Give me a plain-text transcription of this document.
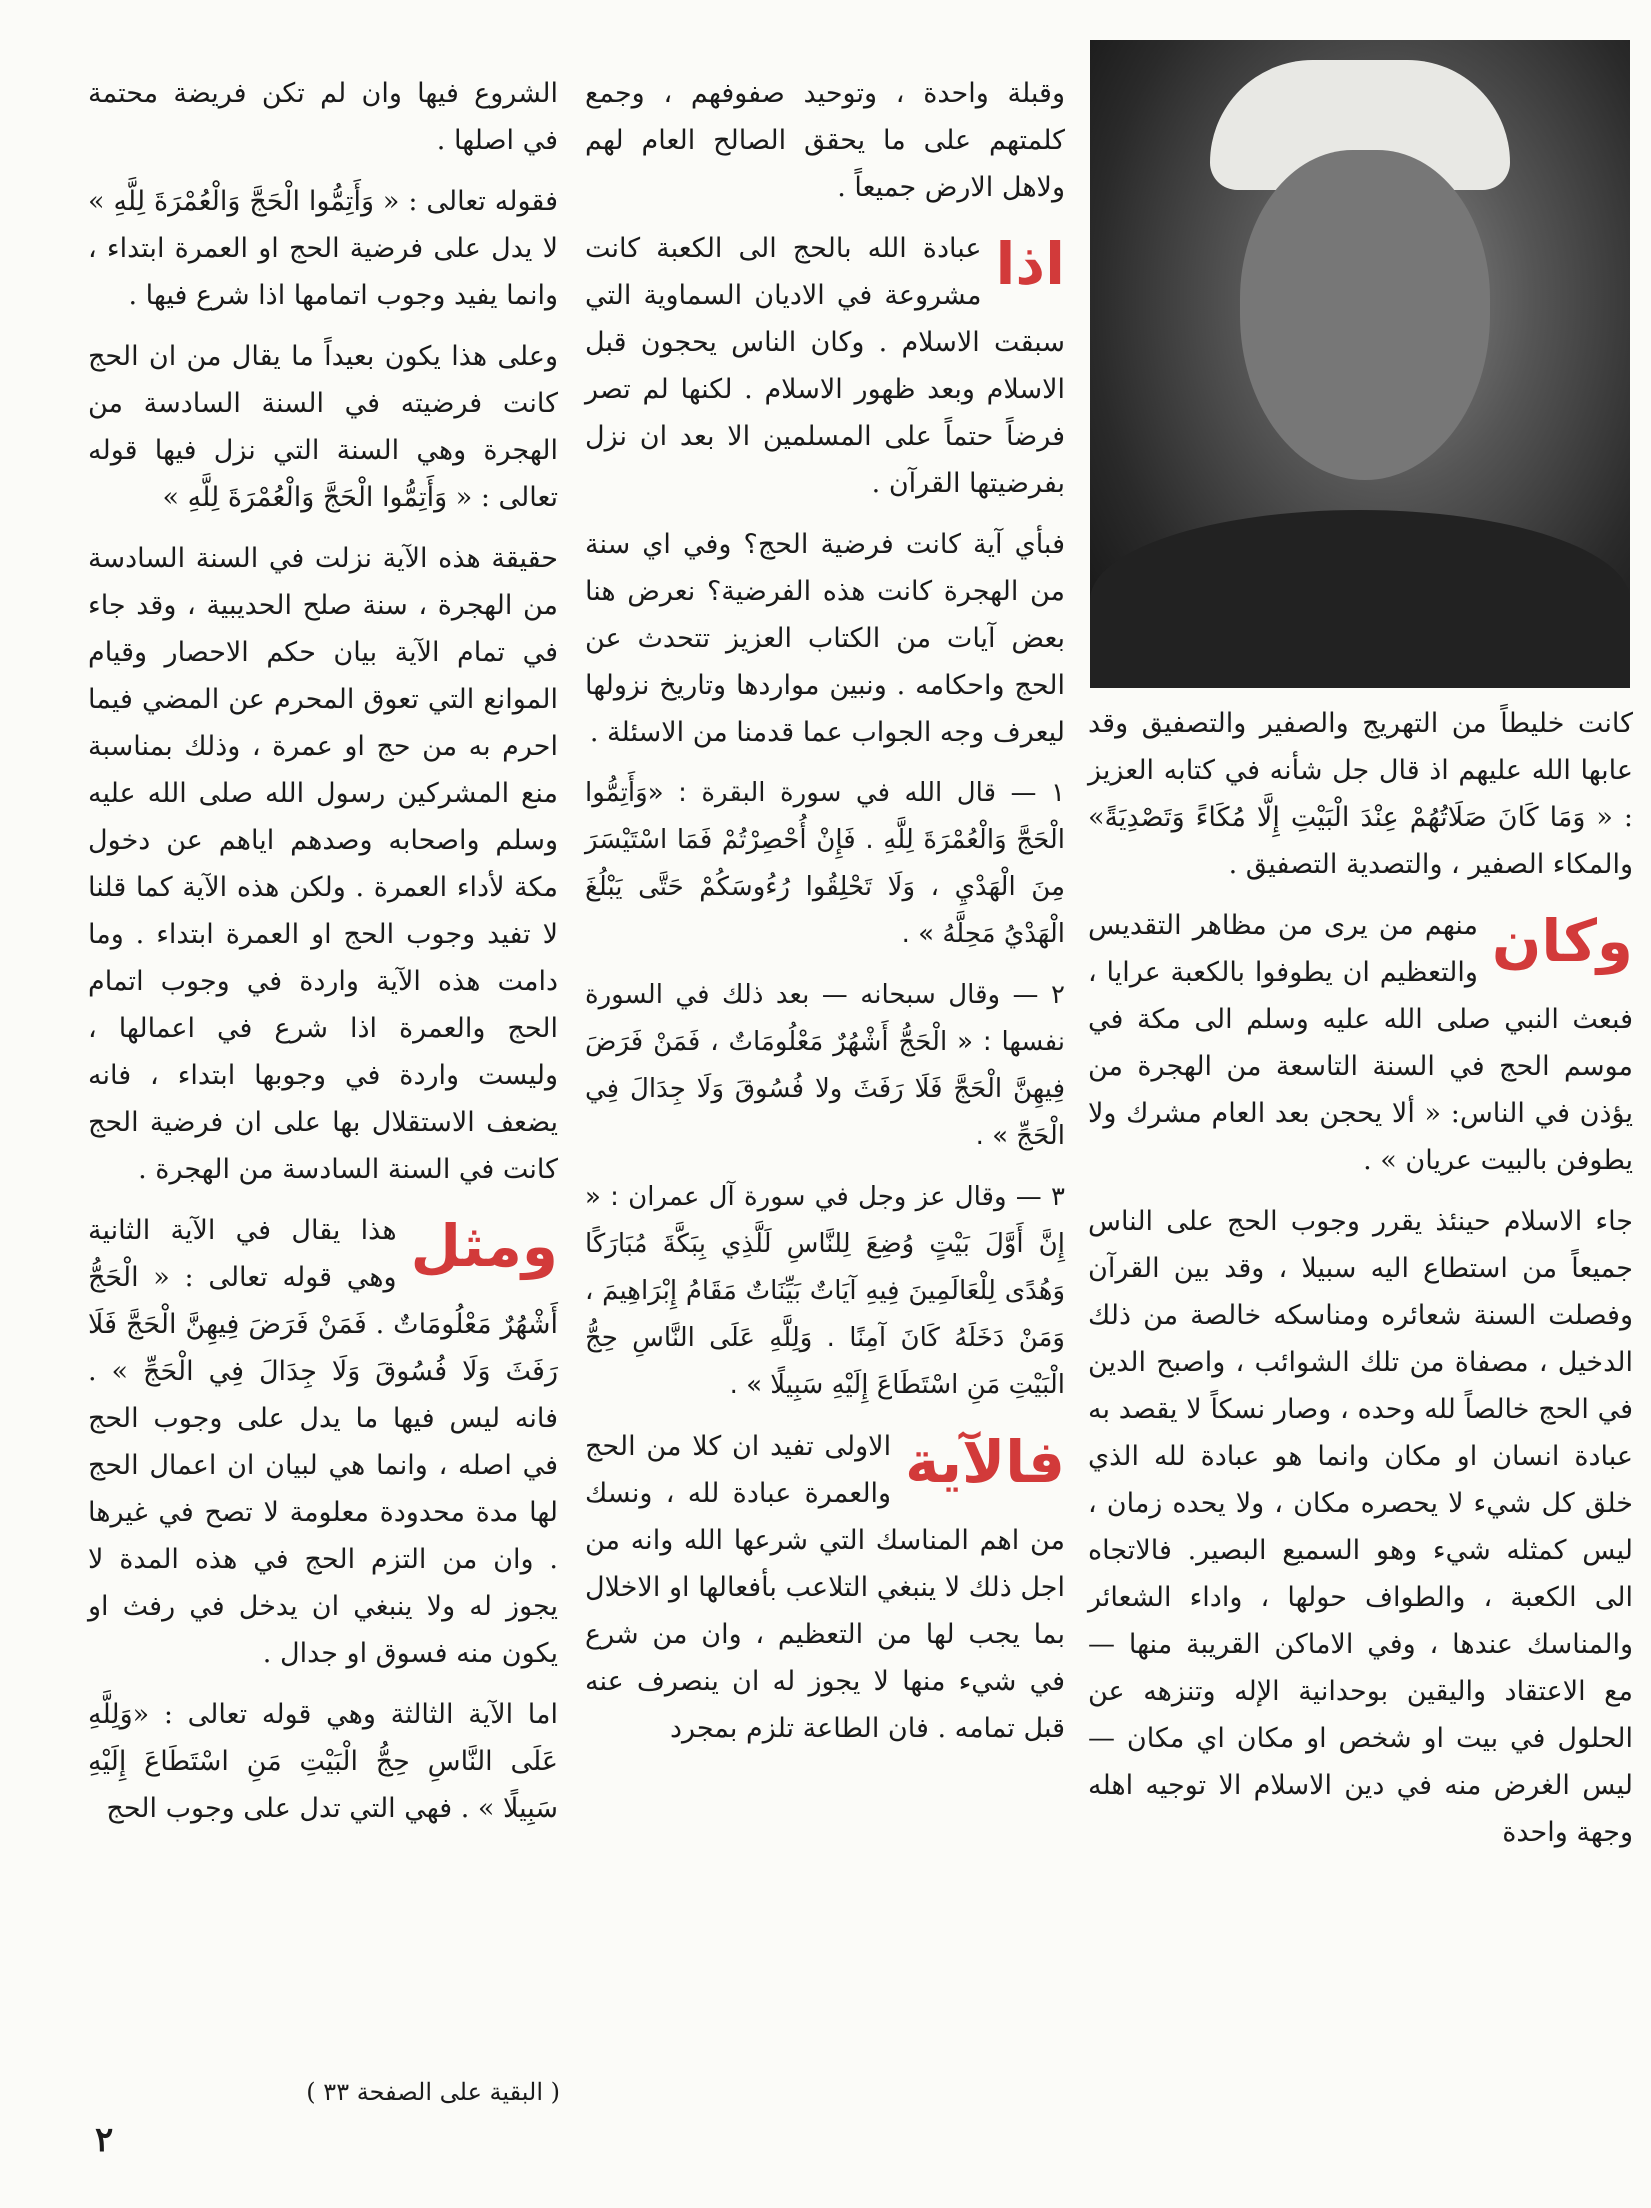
كانت خليطاً من التهريج والصفير والتصفيق وقد عابها الله عليهم اذ قال جل شأنه في كتابه العزيز : « وَمَا كَانَ صَلَاتُهُمْ عِنْدَ الْبَيْتِ إِلَّا مُكَاءً وَتَصْدِيَةً» والمكاء الصفير ، والتصدية التصفيق .

وكان
منهم من يرى من مظاهر التقديس والتعظيم ان يطوفوا بالكعبة عرايا ، فبعث النبي صلى الله عليه وسلم الى مكة في موسم الحج في السنة التاسعة من الهجرة من يؤذن في الناس: « ألا يحجن بعد العام مشرك ولا يطوفن بالبيت عريان » .

جاء الاسلام حينئذ يقرر وجوب الحج على الناس جميعاً من استطاع اليه سبيلا ، وقد بين القرآن وفصلت السنة شعائره ومناسكه خالصة من ذلك الدخيل ، مصفاة من تلك الشوائب ، واصبح الدين في الحج خالصاً لله وحده ، وصار نسكاً لا يقصد به عبادة انسان او مكان وانما هو عبادة لله الذي خلق كل شيء لا يحصره مكان ، ولا يحده زمان ، ليس كمثله شيء وهو السميع البصير. فالاتجاه الى الكعبة ، والطواف حولها ، واداء الشعائر والمناسك عندها ، وفي الاماكن القريبة منها — مع الاعتقاد واليقين بوحدانية الإله وتنزهه عن الحلول في بيت او شخص او مكان اي مكان — ليس الغرض منه في دين الاسلام الا توجيه اهله وجهة واحدة

وقبلة واحدة ، وتوحيد صفوفهم ، وجمع كلمتهم على ما يحقق الصالح العام لهم ولاهل الارض جميعاً .

اذا
عبادة الله بالحج الى الكعبة كانت مشروعة في الاديان السماوية التي سبقت الاسلام . وكان الناس يحجون قبل الاسلام وبعد ظهور الاسلام . لكنها لم تصر فرضاً حتماً على المسلمين الا بعد ان نزل بفرضيتها القرآن .

فبأي آية كانت فرضية الحج؟ وفي اي سنة من الهجرة كانت هذه الفرضية؟ نعرض هنا بعض آيات من الكتاب العزيز تتحدث عن الحج واحكامه . ونبين مواردها وتاريخ نزولها ليعرف وجه الجواب عما قدمنا من الاسئلة .

١ — قال الله في سورة البقرة : «وَأَتِمُّوا الْحَجَّ وَالْعُمْرَةَ لِلَّهِ . فَإِنْ أُحْصِرْتُمْ فَمَا اسْتَيْسَرَ مِنَ الْهَدْيِ ، وَلَا تَحْلِقُوا رُءُوسَكُمْ حَتَّى يَبْلُغَ الْهَدْيُ مَحِلَّهُ » .

٢ — وقال سبحانه — بعد ذلك في السورة نفسها : « الْحَجُّ أَشْهُرٌ مَعْلُومَاتٌ ، فَمَنْ فَرَضَ فِيهِنَّ الْحَجَّ فَلَا رَفَثَ ولا فُسُوقَ وَلَا جِدَالَ فِي الْحَجِّ » .

٣ — وقال عز وجل في سورة آل عمران : « إِنَّ أَوَّلَ بَيْتٍ وُضِعَ لِلنَّاسِ لَلَّذِي بِبَكَّةَ مُبَارَكًا وَهُدًى لِلْعَالَمِينَ فِيهِ آيَاتٌ بَيِّنَاتٌ مَقَامُ إِبْرَاهِيمَ ، وَمَنْ دَخَلَهُ كَانَ آمِنًا . وَلِلَّهِ عَلَى النَّاسِ حِجُّ الْبَيْتِ مَنِ اسْتَطَاعَ إِلَيْهِ سَبِيلًا » .

فالآية
الاولى تفيد ان كلا من الحج والعمرة عبادة لله ، ونسك من اهم المناسك التي شرعها الله وانه من اجل ذلك لا ينبغي التلاعب بأفعالها او الاخلال بما يجب لها من التعظيم ، وان من شرع في شيء منها لا يجوز له ان ينصرف عنه قبل تمامه . فان الطاعة تلزم بمجرد

الشروع فيها وان لم تكن فريضة محتمة في اصلها .

فقوله تعالى : « وَأَتِمُّوا الْحَجَّ وَالْعُمْرَةَ لِلَّهِ » لا يدل على فرضية الحج او العمرة ابتداء ، وانما يفيد وجوب اتمامها اذا شرع فيها .

وعلى هذا يكون بعيداً ما يقال من ان الحج كانت فرضيته في السنة السادسة من الهجرة وهي السنة التي نزل فيها قوله تعالى : « وَأَتِمُّوا الْحَجَّ وَالْعُمْرَةَ لِلَّهِ »

حقيقة هذه الآية نزلت في السنة السادسة من الهجرة ، سنة صلح الحديبية ، وقد جاء في تمام الآية بيان حكم الاحصار وقيام الموانع التي تعوق المحرم عن المضي فيما احرم به من حج او عمرة ، وذلك بمناسبة منع المشركين رسول الله صلى الله عليه وسلم واصحابه وصدهم اياهم عن دخول مكة لأداء العمرة . ولكن هذه الآية كما قلنا لا تفيد وجوب الحج او العمرة ابتداء . وما دامت هذه الآية واردة في وجوب اتمام الحج والعمرة اذا شرع في اعمالها ، وليست واردة في وجوبها ابتداء ، فانه يضعف الاستقلال بها على ان فرضية الحج كانت في السنة السادسة من الهجرة .

ومثل
هذا يقال في الآية الثانية وهي قوله تعالى : « الْحَجُّ أَشْهُرٌ مَعْلُومَاتٌ . فَمَنْ فَرَضَ فِيهِنَّ الْحَجَّ فَلَا رَفَثَ وَلَا فُسُوقَ وَلَا جِدَالَ فِي الْحَجِّ » . فانه ليس فيها ما يدل على وجوب الحج في اصله ، وانما هي لبيان ان اعمال الحج لها مدة محدودة معلومة لا تصح في غيرها . وان من التزم الحج في هذه المدة لا يجوز له ولا ينبغي ان يدخل في رفث او يكون منه فسوق او جدال .

اما الآية الثالثة وهي قوله تعالى : «وَلِلَّهِ عَلَى النَّاسِ حِجُّ الْبَيْتِ مَنِ اسْتَطَاعَ إِلَيْهِ سَبِيلًا » . فهي التي تدل على وجوب الحج

( البقية على الصفحة ٣٣ )
٢
